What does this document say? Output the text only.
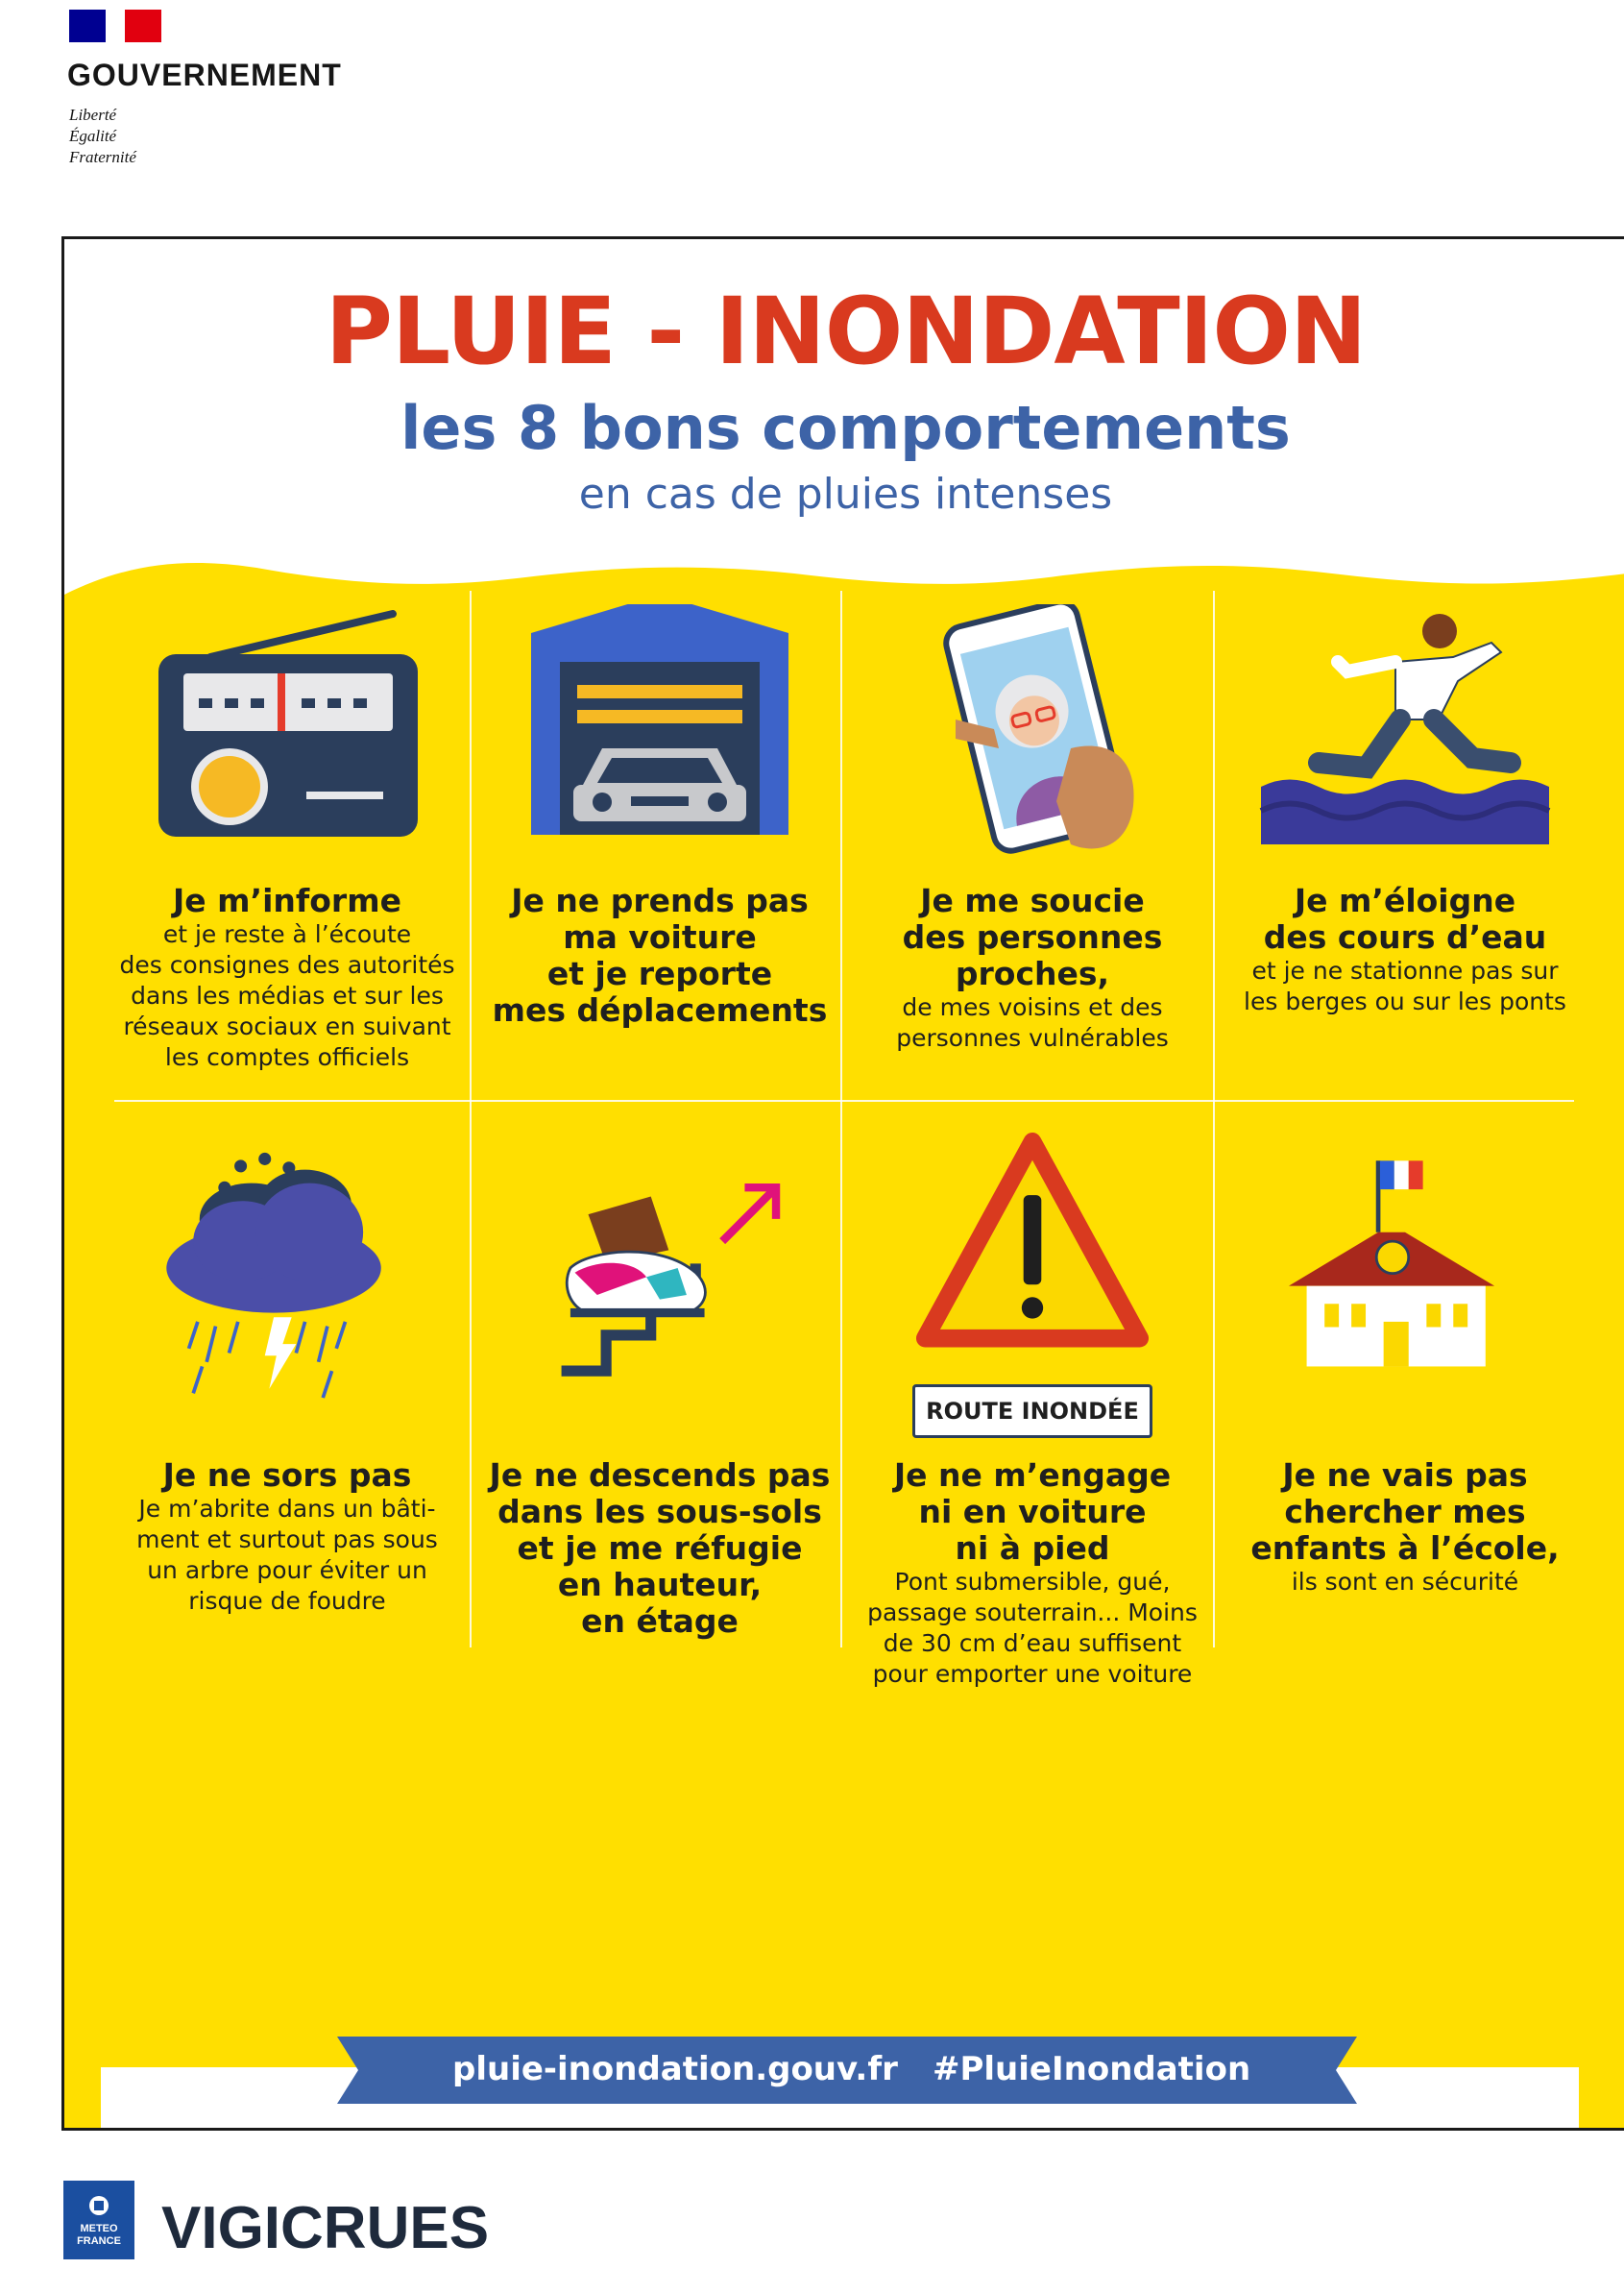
GOUVERNEMENT
Liberté
Égalité
Fraternité
PLUIE - INONDATION
les 8 bons comportements
en cas de pluies intenses
Je m’informe
et je reste à l’écoute
des consignes des autorités
dans les médias et sur les
réseaux sociaux en suivant
les comptes officiels
Je ne prends pas
ma voiture
et je reporte
mes déplacements
Je me soucie
des personnes
proches,
de mes voisins et des
personnes vulnérables
Je m’éloigne
des cours d’eau
et je ne stationne pas sur
les berges ou sur les ponts
Je ne sors pas
Je m’abrite dans un bâti-
ment et surtout pas sous
un arbre pour éviter un
risque de foudre
Je ne descends pas
dans les sous-sols
et je me réfugie
en hauteur,
en étage
ROUTE INONDÉE
Je ne m’engage
ni en voiture
ni à pied
Pont submersible, gué,
passage souterrain... Moins
de 30 cm d’eau suffisent
pour emporter une voiture
Je ne vais pas
chercher mes
enfants à l’école,
ils sont en sécurité
pluie-inondation.gouv.fr #PluieInondation
METEO FRANCE VIGICRUES
